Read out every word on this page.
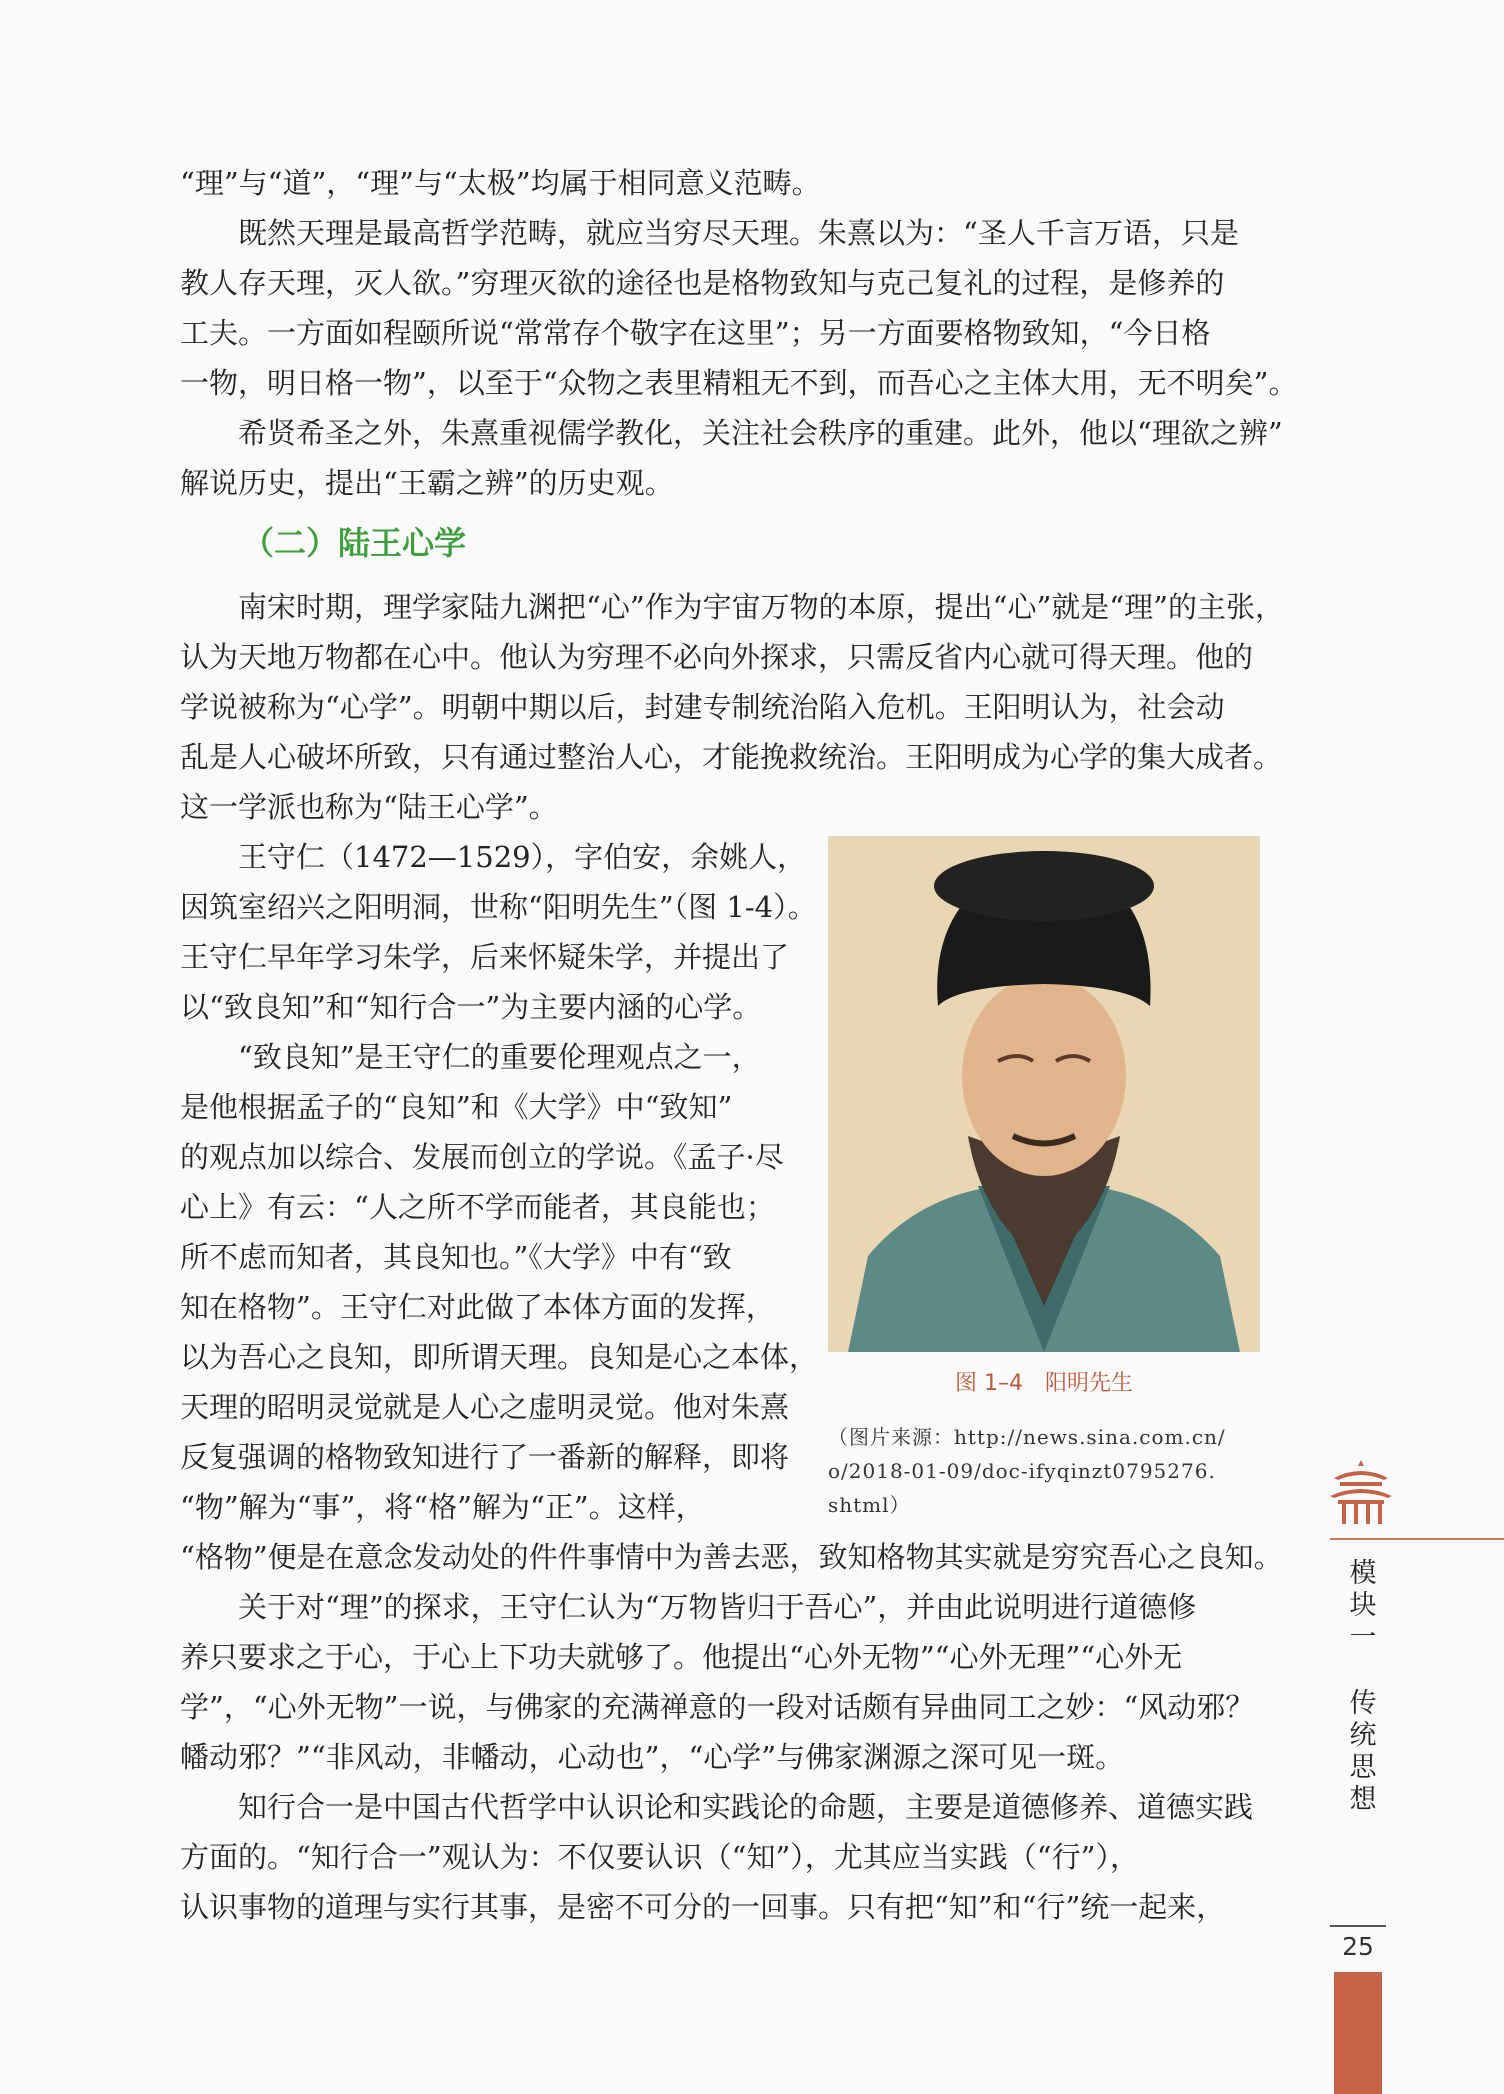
“理”与“道”，“理”与“太极”均属于相同意义范畴。
既然天理是最高哲学范畴，就应当穷尽天理。朱熹以为：“圣人千言万语，只是
教人存天理，灭人欲。”穷理灭欲的途径也是格物致知与克己复礼的过程，是修养的
工夫。一方面如程颐所说“常常存个敬字在这里”；另一方面要格物致知，“今日格
一物，明日格一物”，以至于“众物之表里精粗无不到，而吾心之主体大用，无不明矣”。
希贤希圣之外，朱熹重视儒学教化，关注社会秩序的重建。此外，他以“理欲之辨”
解说历史，提出“王霸之辨”的历史观。
（二）陆王心学
南宋时期，理学家陆九渊把“心”作为宇宙万物的本原，提出“心”就是“理”的主张，
认为天地万物都在心中。他认为穷理不必向外探求，只需反省内心就可得天理。他的
学说被称为“心学”。明朝中期以后，封建专制统治陷入危机。王阳明认为，社会动
乱是人心破坏所致，只有通过整治人心，才能挽救统治。王阳明成为心学的集大成者。
这一学派也称为“陆王心学”。
王守仁（1472—1529），字伯安，余姚人，
因筑室绍兴之阳明洞，世称“阳明先生”（图 1-4）。
王守仁早年学习朱学，后来怀疑朱学，并提出了
以“致良知”和“知行合一”为主要内涵的心学。
“致良知”是王守仁的重要伦理观点之一，
是他根据孟子的“良知”和《大学》中“致知”
的观点加以综合、发展而创立的学说。《孟子·尽
心上》有云：“人之所不学而能者，其良能也；
所不虑而知者，其良知也。”《大学》中有“致
知在格物”。王守仁对此做了本体方面的发挥，
以为吾心之良知，即所谓天理。良知是心之本体，
天理的昭明灵觉就是人心之虚明灵觉。他对朱熹
反复强调的格物致知进行了一番新的解释，即将
“物”解为“事”，将“格”解为“正”。这样，
“格物”便是在意念发动处的件件事情中为善去恶，致知格物其实就是穷究吾心之良知。
关于对“理”的探求，王守仁认为“万物皆归于吾心”，并由此说明进行道德修
养只要求之于心，于心上下功夫就够了。他提出“心外无物”“心外无理”“心外无
学”，“心外无物”一说，与佛家的充满禅意的一段对话颇有异曲同工之妙：“风动邪？
幡动邪？”“非风动，非幡动，心动也”，“心学”与佛家渊源之深可见一斑。
知行合一是中国古代哲学中认识论和实践论的命题，主要是道德修养、道德实践
方面的。“知行合一”观认为：不仅要认识（“知”），尤其应当实践（“行”），
认识事物的道理与实行其事，是密不可分的一回事。只有把“知”和“行”统一起来，
图 1–4　阳明先生
（图片来源：http://news.sina.com.cn/
o/2018-01-09/doc-ifyqinzt0795276.
shtml）
模
块
一
传
统
思
想
25
